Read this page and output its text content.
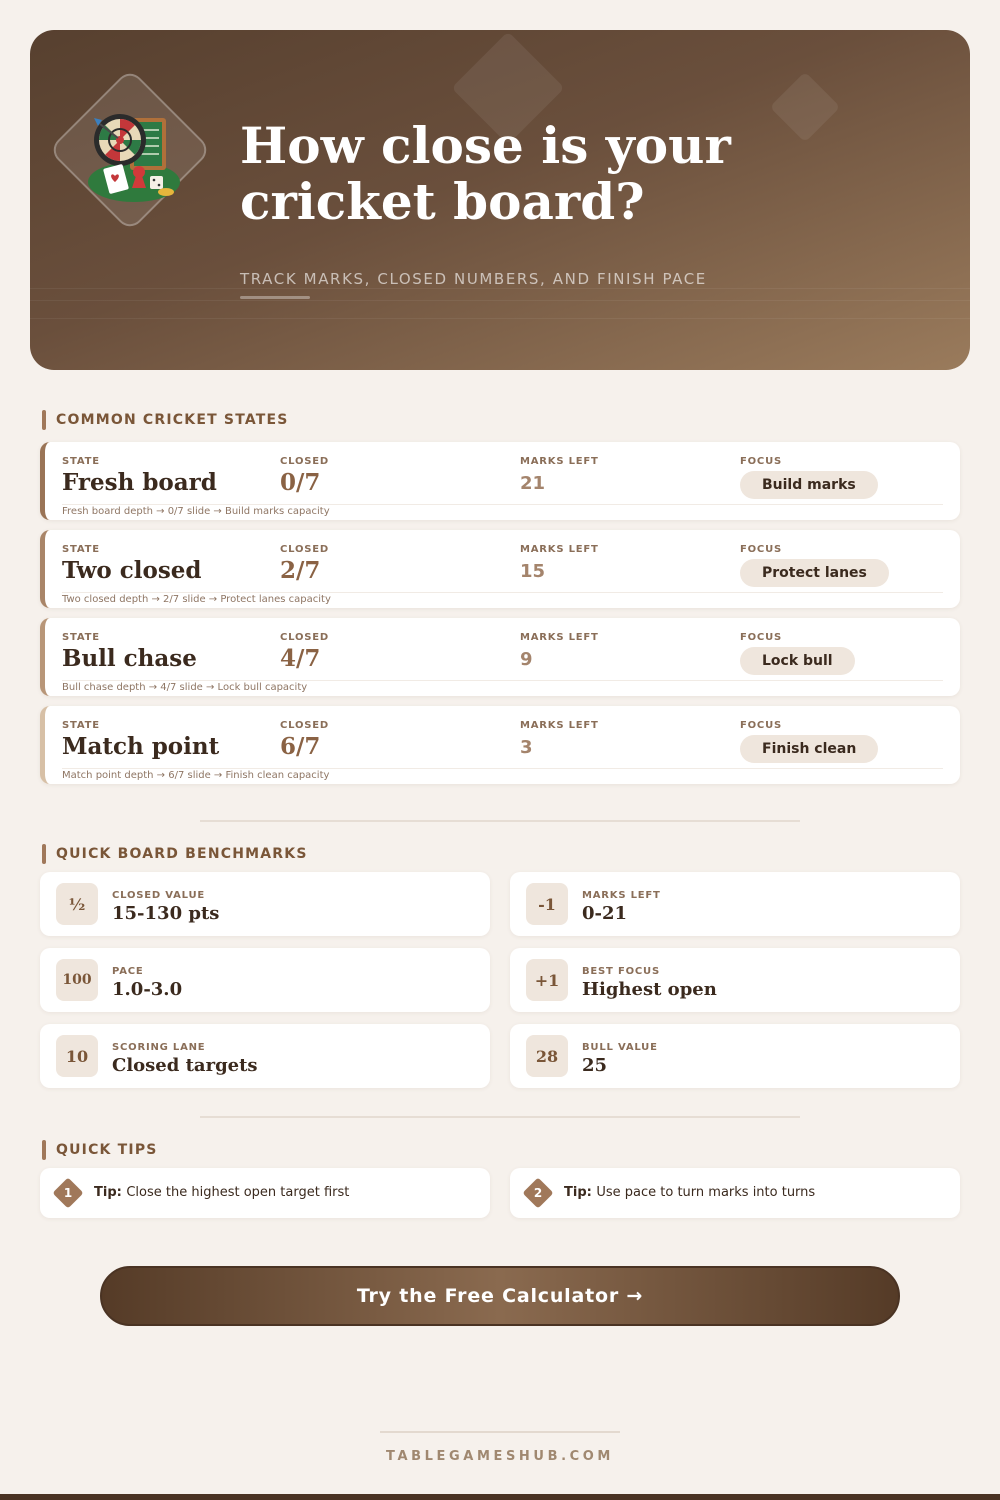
How close is your cricket board?
TRACK MARKS, CLOSED NUMBERS, AND FINISH PACE
COMMON CRICKET STATES
STATE
Fresh board
CLOSED
0/7
MARKS LEFT
21
FOCUS
Build marks
Fresh board depth → 0/7 slide → Build marks capacity
STATE
Two closed
CLOSED
2/7
MARKS LEFT
15
FOCUS
Protect lanes
Two closed depth → 2/7 slide → Protect lanes capacity
STATE
Bull chase
CLOSED
4/7
MARKS LEFT
9
FOCUS
Lock bull
Bull chase depth → 4/7 slide → Lock bull capacity
STATE
Match point
CLOSED
6/7
MARKS LEFT
3
FOCUS
Finish clean
Match point depth → 6/7 slide → Finish clean capacity
QUICK BOARD BENCHMARKS
½	CLOSED VALUE
15-130 pts	-1	MARKS LEFT
0-21
100
PACE
1.0-3.0	+1	BEST FOCUS
Highest open
10	SCORING LANE
Closed targets	28	BULL VALUE
25
QUICK TIPS
1	Tip: Close the highest open target first	2	Tip: Use pace to turn marks into turns
Try the Free Calculator →
TABLEGAMESHUB.COM
